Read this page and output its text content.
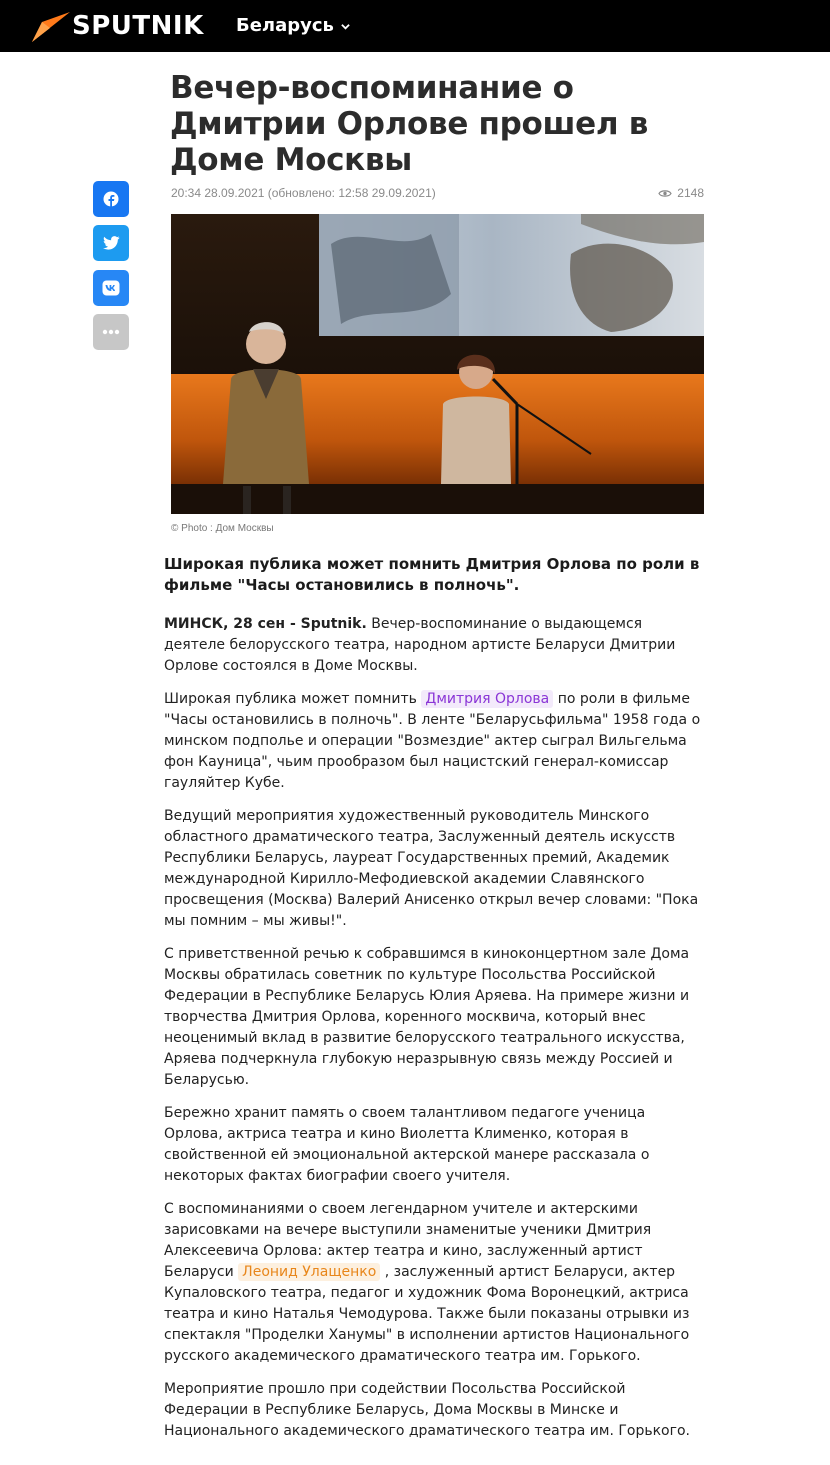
SPUTNIK Беларусь
Вечер-воспоминание о Дмитрии Орлове прошел в Доме Москвы
20:34 28.09.2021 (обновлено: 12:58 29.09.2021)	2148
© Photo : Дом Москвы

Широкая публика может помнить Дмитрия Орлова по роли в фильме "Часы остановились в полночь".

МИНСК, 28 сен - Sputnik. Вечер-воспоминание о выдающемся деятеле белорусского театра, народном артисте Беларуси Дмитрии Орлове состоялся в Доме Москвы.

Широкая публика может помнить Дмитрия Орлова по роли в фильме "Часы остановились в полночь". В ленте "Беларусьфильма" 1958 года о минском подполье и операции "Возмездие" актер сыграл Вильгельма фон Кауница", чьим прообразом был нацистский генерал-комиссар гауляйтер Кубе.

Ведущий мероприятия художественный руководитель Минского областного драматического театра, Заслуженный деятель искусств Республики Беларусь, лауреат Государственных премий, Академик международной Кирилло-Мефодиевской академии Славянского просвещения (Москва) Валерий Анисенко открыл вечер словами: "Пока мы помним – мы живы!".

С приветственной речью к собравшимся в киноконцертном зале Дома Москвы обратилась советник по культуре Посольства Российской Федерации в Республике Беларусь Юлия Аряева. На примере жизни и творчества Дмитрия Орлова, коренного москвича, который внес неоценимый вклад в развитие белорусского театрального искусства, Аряева подчеркнула глубокую неразрывную связь между Россией и Беларусью.

Бережно хранит память о своем талантливом педагоге ученица Орлова, актриса театра и кино Виолетта Клименко, которая в свойственной ей эмоциональной актерской манере рассказала о некоторых фактах биографии своего учителя.

С воспоминаниями о своем легендарном учителе и актерскими зарисовками на вечере выступили знаменитые ученики Дмитрия Алексеевича Орлова: актер театра и кино, заслуженный артист Беларуси Леонид Улащенко , заслуженный артист Беларуси, актер Купаловского театра, педагог и художник Фома Воронецкий, актриса театра и кино Наталья Чемодурова. Также были показаны отрывки из спектакля "Проделки Ханумы" в исполнении артистов Национального русского академического драматического театра им. Горького.

Мероприятие прошло при содействии Посольства Российской Федерации в Республике Беларусь, Дома Москвы в Минске и Национального академического драматического театра им. Горького.
